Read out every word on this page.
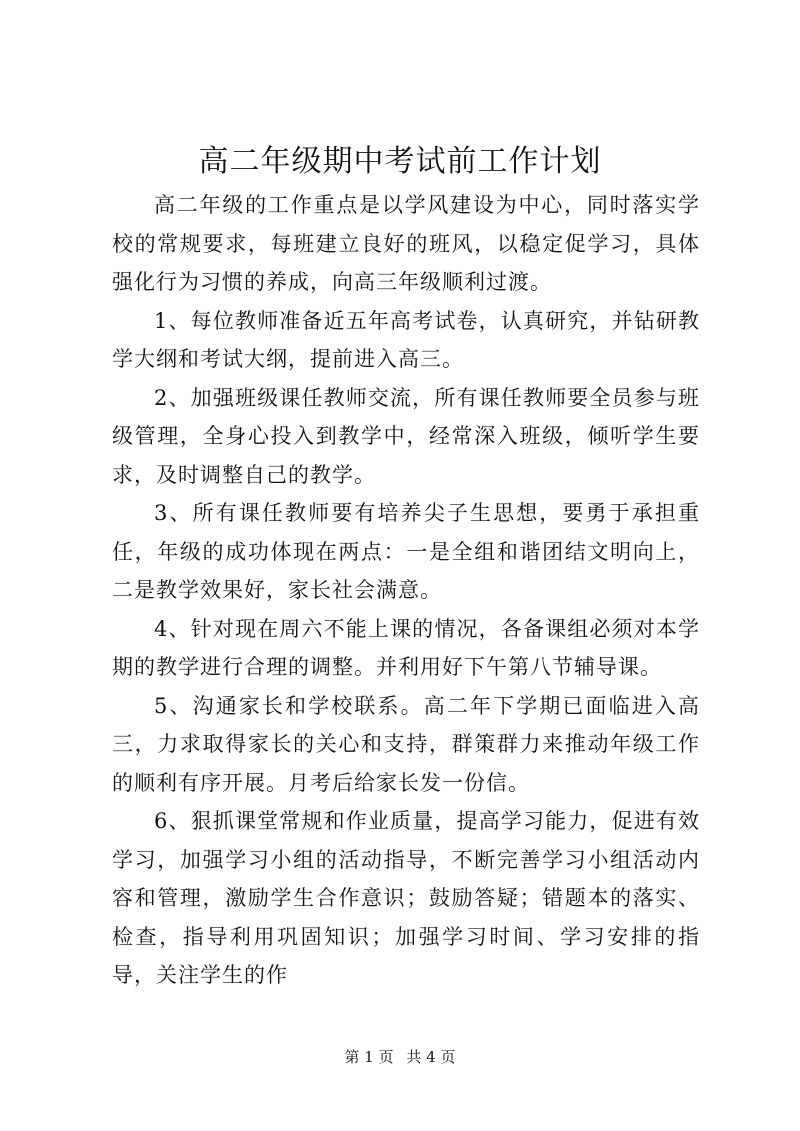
高二年级期中考试前工作计划

高二年级的工作重点是以学风建设为中心，同时落实学校的常规要求，每班建立良好的班风，以稳定促学习，具体强化行为习惯的养成，向高三年级顺利过渡。

1、每位教师准备近五年高考试卷，认真研究，并钻研教学大纲和考试大纲，提前进入高三。

2、加强班级课任教师交流，所有课任教师要全员参与班级管理，全身心投入到教学中，经常深入班级，倾听学生要求，及时调整自己的教学。

3、所有课任教师要有培养尖子生思想，要勇于承担重任，年级的成功体现在两点：一是全组和谐团结文明向上，二是教学效果好，家长社会满意。

4、针对现在周六不能上课的情况，各备课组必须对本学期的教学进行合理的调整。并利用好下午第八节辅导课。

5、沟通家长和学校联系。高二年下学期已面临进入高三，力求取得家长的关心和支持，群策群力来推动年级工作的顺利有序开展。月考后给家长发一份信。

6、狠抓课堂常规和作业质量，提高学习能力，促进有效学习，加强学习小组的活动指导，不断完善学习小组活动内容和管理，激励学生合作意识；鼓励答疑；错题本的落实、检查，指导利用巩固知识；加强学习时间、学习安排的指导，关注学生的作

第 1 页 共 4 页
